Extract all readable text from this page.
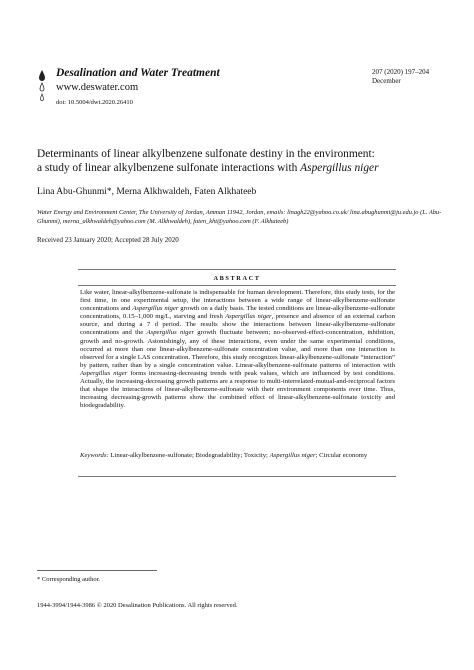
Desalination and Water Treatment
www.deswater.com
doi: 10.5004/dwt.2020.26410
207 (2020) 197–204
December
Determinants of linear alkylbenzene sulfonate destiny in the environment:
a study of linear alkylbenzene sulfonate interactions with Aspergillus niger
Lina Abu-Ghunmi*, Merna Alkhwaldeh, Faten Alkhateeb
Water Energy and Environment Center, The University of Jordan, Amman 11942, Jordan, emails: linagh22@yahoo.co.uk/ lina.abughunmi@ju.edu.jo (L. Abu-Ghunmi), merna_alkhwaldeh@yahoo.com (M. Alkhwaldeh), faten_kht@yahoo.com (F. Alkhateeb)
Received 23 January 2020; Accepted 28 July 2020
ABSTRACT
Like water, linear-alkylbenzene-sulfonate is indispensable for human development. Therefore, this study tests, for the first time, in one experimental setup, the interactions between a wide range of linear-alkylbenzene-sulfonate concentrations and Aspergillus niger growth on a daily basis. The tested conditions are linear-alkylbenzene-sulfonate concentrations, 0.15–1,000 mg/L, starving and fresh Aspergillus niger, presence and absence of an external carbon source, and during a 7 d period. The results show the interactions between linear-alkylbenzene-sulfonate concentrations and the Aspergillus niger growth fluctuate between; no-observed-effect-concentration, inhibition, growth and no-growth. Astonishingly, any of these interactions, even under the same experimental conditions, occurred at more than one linear-alkylbenzene-sulfonate concentration value, and more than one interaction is observed for a single LAS concentration. Therefore, this study recognizes linear-alkylbenzene-sulfonate “interaction” by pattern, rather than by a single concentration value. Linear-alkylbenzene-sulfonate patterns of interaction with Aspergillus niger forms increasing-decreasing trends with peak values, which are influenced by test conditions. Actually, the increasing-decreasing growth patterns are a response to multi-interrelated-mutual-and-reciprocal factors that shape the interactions of linear-alkylbenzene-sulfonate with their environment components over time. Thus, increasing decreasing-growth patterns show the combined effect of linear-alkylbenzene-sulfonate toxicity and biodegradability.
Keywords: Linear-alkylbenzene-sulfonate; Biodegradability; Toxicity; Aspergillus niger; Circular economy
* Corresponding author.
1944-3994/1944-3986 © 2020 Desalination Publications. All rights reserved.
